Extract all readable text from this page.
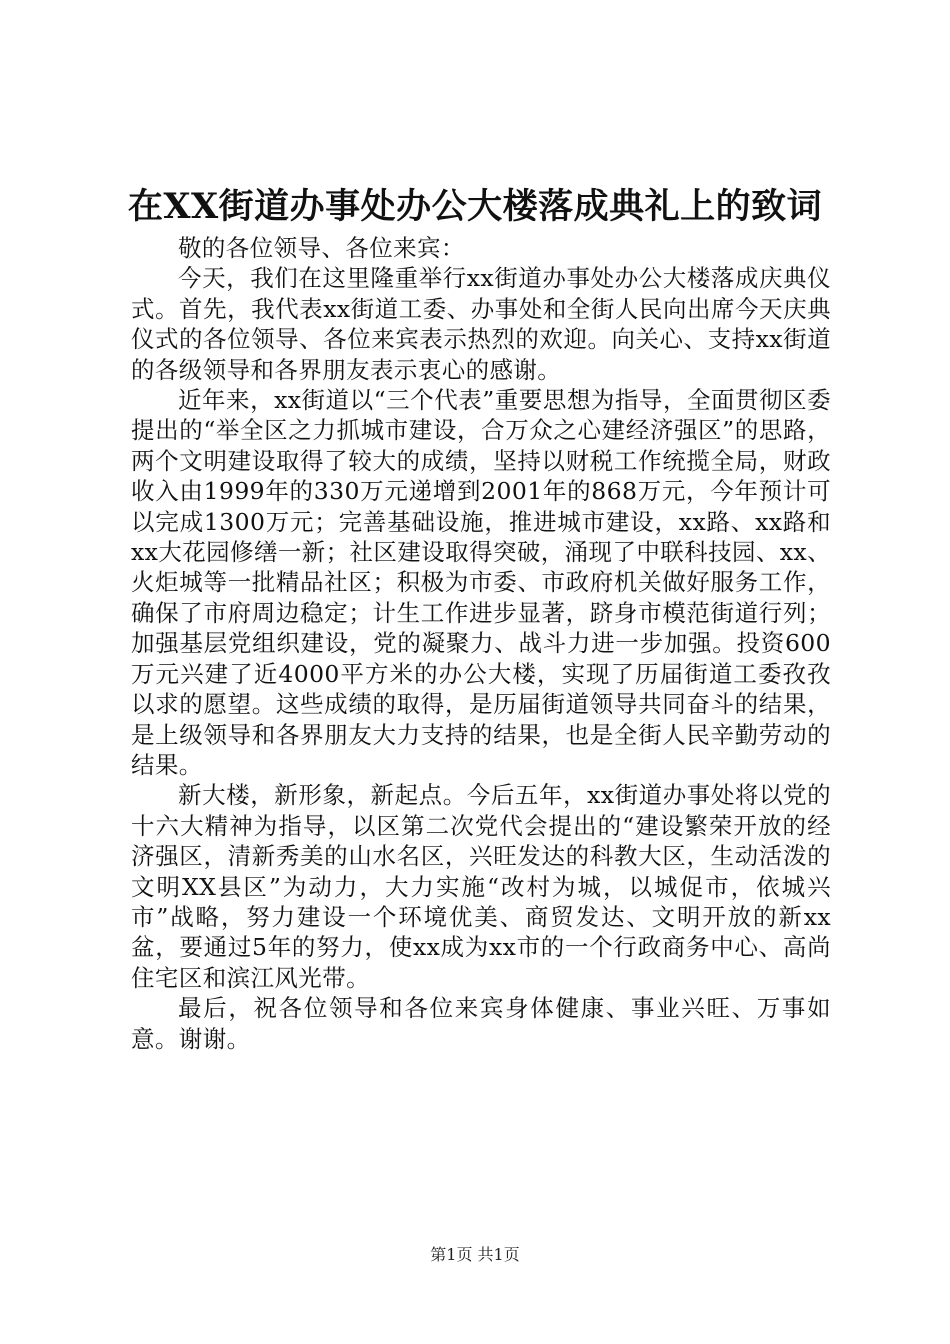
在XX街道办事处办公大楼落成典礼上的致词

敬的各位领导、各位来宾：

今天，我们在这里隆重举行xx街道办事处办公大楼落成庆典仪式。首先，我代表xx街道工委、办事处和全街人民向出席今天庆典仪式的各位领导、各位来宾表示热烈的欢迎。向关心、支持xx街道的各级领导和各界朋友表示衷心的感谢。

近年来，xx街道以“三个代表”重要思想为指导，全面贯彻区委提出的“举全区之力抓城市建设，合万众之心建经济强区”的思路，两个文明建设取得了较大的成绩，坚持以财税工作统揽全局，财政收入由1999年的330万元递增到2001年的868万元，今年预计可以完成1300万元；完善基础设施，推进城市建设，xx路、xx路和xx大花园修缮一新；社区建设取得突破，涌现了中联科技园、xx、火炬城等一批精品社区；积极为市委、市政府机关做好服务工作，确保了市府周边稳定；计生工作进步显著，跻身市模范街道行列；加强基层党组织建设，党的凝聚力、战斗力进一步加强。投资600万元兴建了近4000平方米的办公大楼，实现了历届街道工委孜孜以求的愿望。这些成绩的取得，是历届街道领导共同奋斗的结果，是上级领导和各界朋友大力支持的结果，也是全街人民辛勤劳动的结果。

新大楼，新形象，新起点。今后五年，xx街道办事处将以党的十六大精神为指导，以区第二次党代会提出的“建设繁荣开放的经济强区，清新秀美的山水名区，兴旺发达的科教大区，生动活泼的文明XX县区”为动力，大力实施“改村为城，以城促市，依城兴市”战略，努力建设一个环境优美、商贸发达、文明开放的新xx盆，要通过5年的努力，使xx成为xx市的一个行政商务中心、高尚住宅区和滨江风光带。

最后，祝各位领导和各位来宾身体健康、事业兴旺、万事如意。谢谢。

第1页 共1页
